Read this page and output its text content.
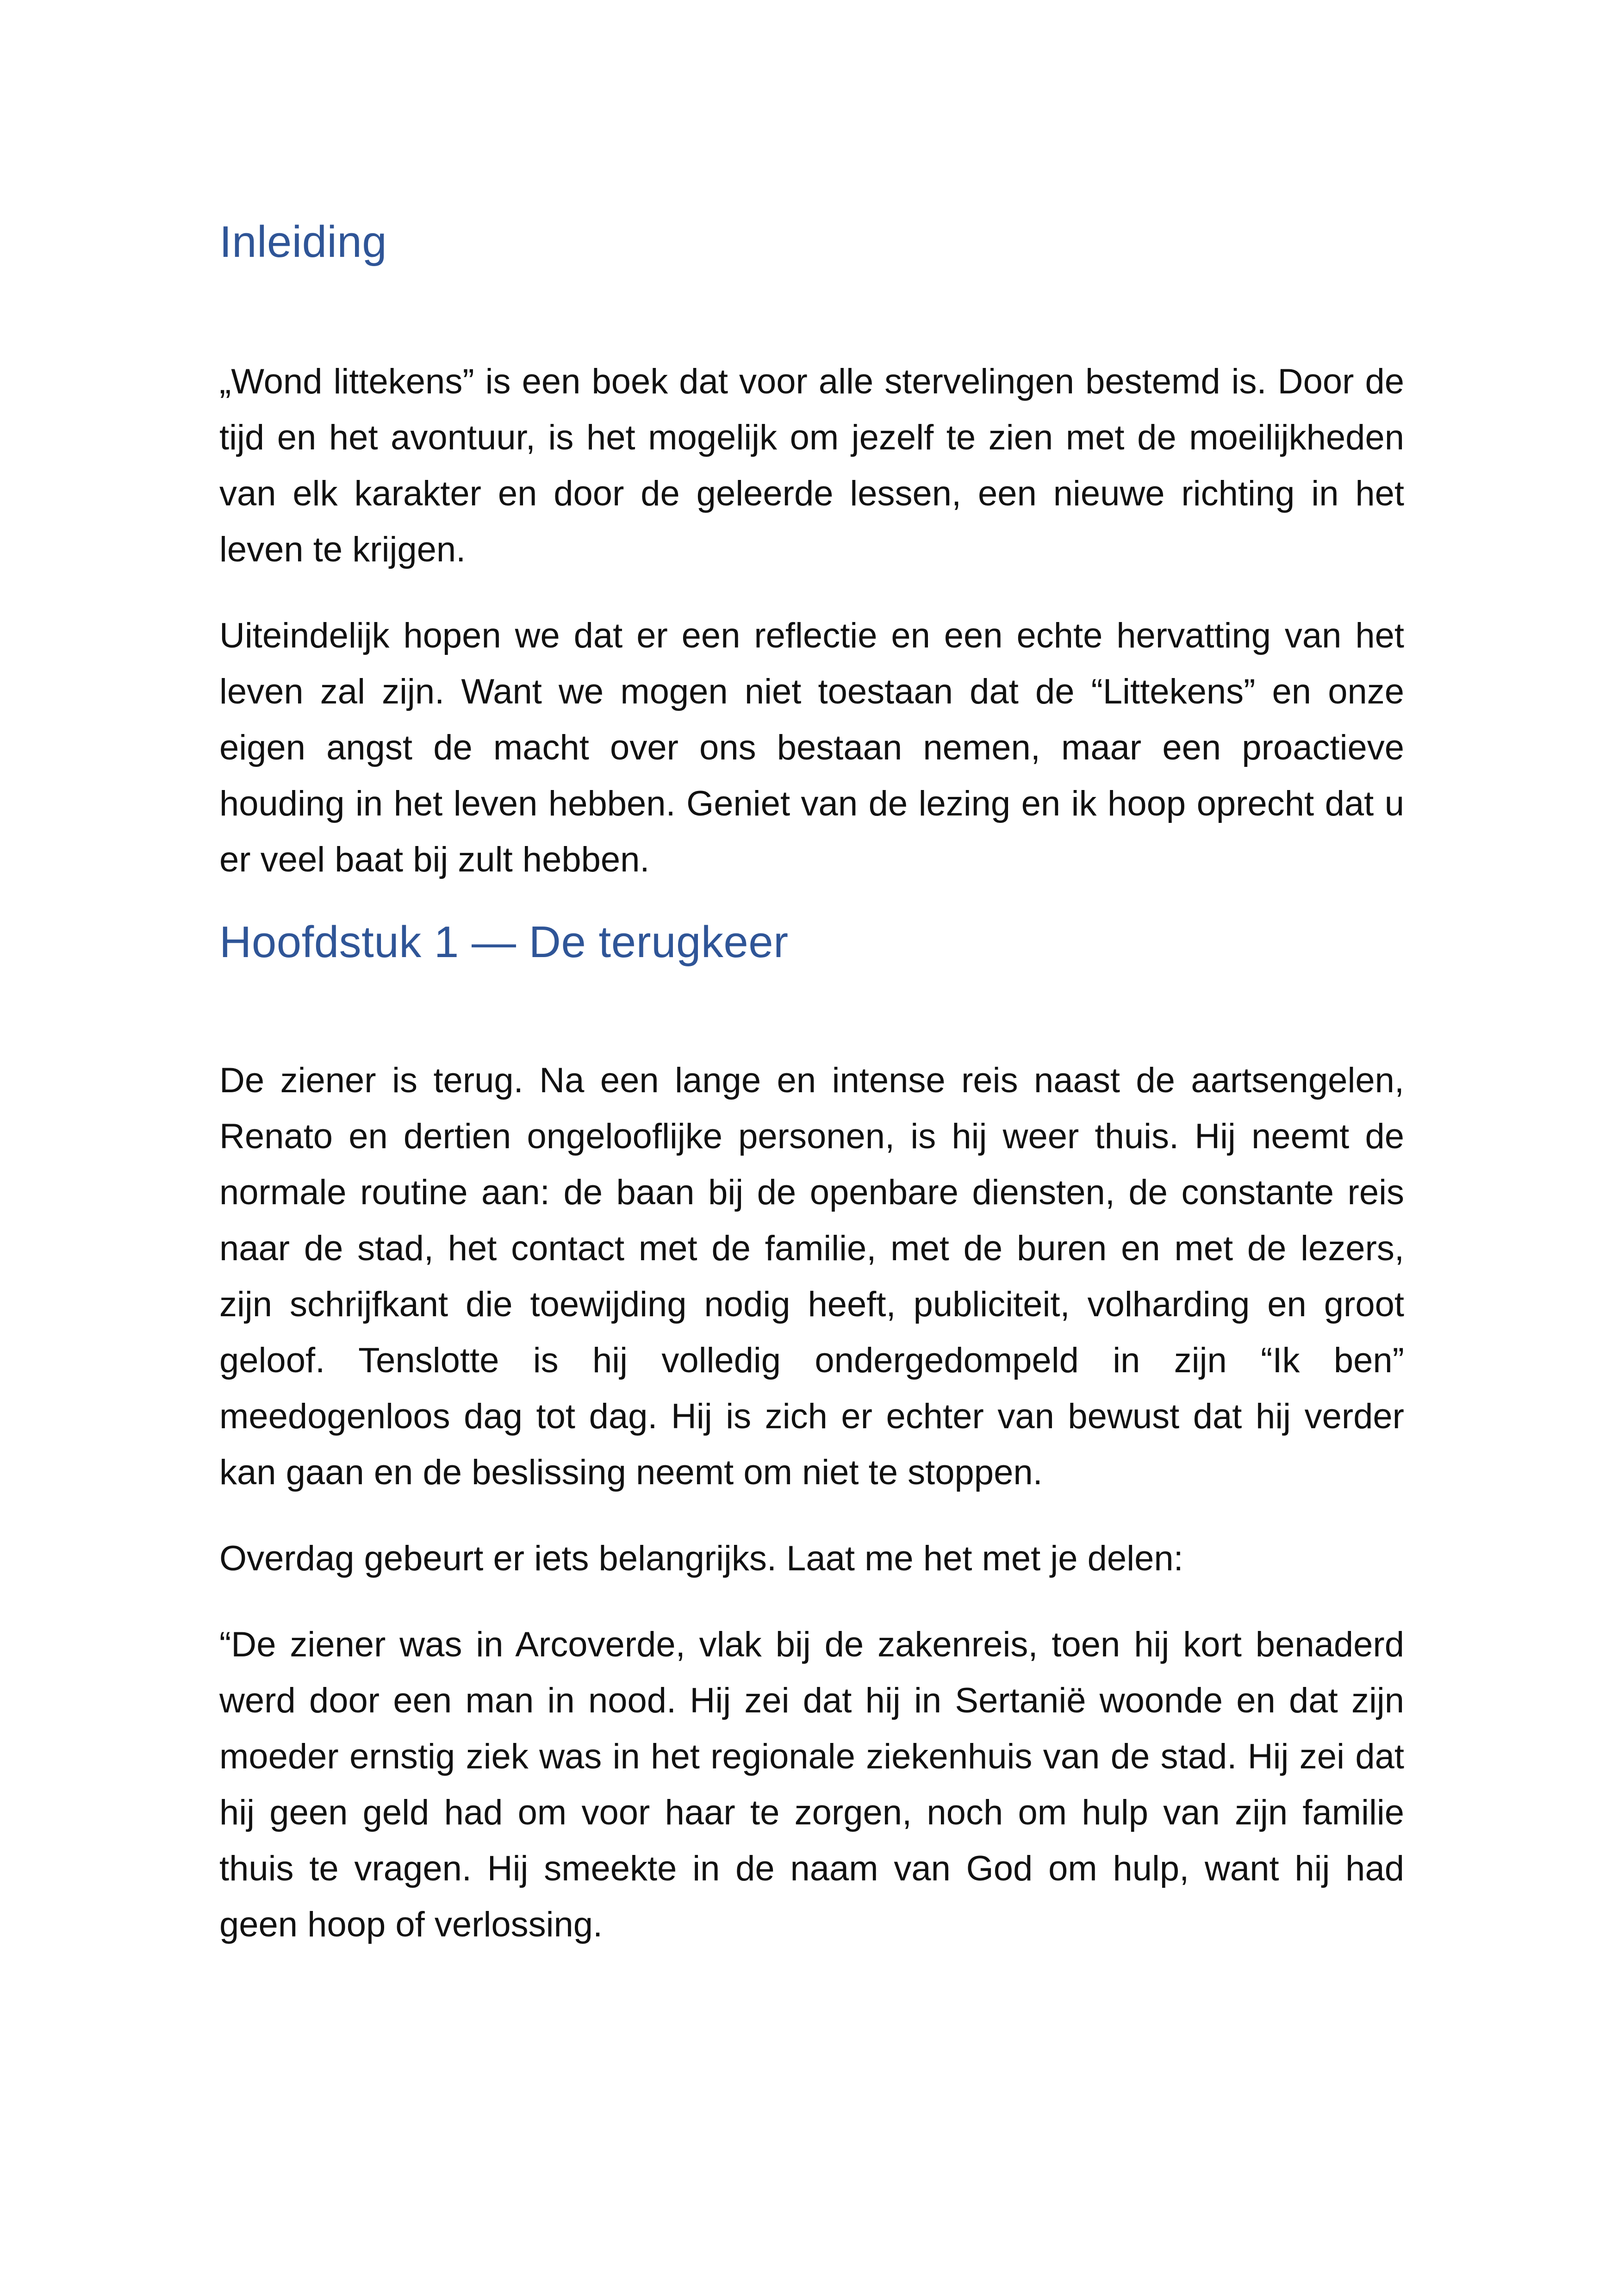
Inleiding

„Wond littekens” is een boek dat voor alle stervelingen bestemd is. Door de tijd en het avontuur, is het mogelijk om jezelf te zien met de moeilijkheden van elk karakter en door de geleerde lessen, een nieuwe richting in het leven te krijgen.

Uiteindelijk hopen we dat er een reflectie en een echte hervatting van het leven zal zijn. Want we mogen niet toestaan dat de “Littekens” en onze eigen angst de macht over ons bestaan nemen, maar een proactieve houding in het leven hebben. Geniet van de lezing en ik hoop oprecht dat u er veel baat bij zult hebben.

Hoofdstuk 1 — De terugkeer

De ziener is terug. Na een lange en intense reis naast de aartsengelen, Renato en dertien ongelooflijke personen, is hij weer thuis. Hij neemt de normale routine aan: de baan bij de openbare diensten, de constante reis naar de stad, het contact met de familie, met de buren en met de lezers, zijn schrijfkant die toewijding nodig heeft, publiciteit, volharding en groot geloof. Tenslotte is hij volledig ondergedompeld in zijn “Ik ben” meedogenloos dag tot dag. Hij is zich er echter van bewust dat hij verder kan gaan en de beslissing neemt om niet te stoppen.

Overdag gebeurt er iets belangrijks. Laat me het met je delen:

“De ziener was in Arcoverde, vlak bij de zakenreis, toen hij kort benaderd werd door een man in nood. Hij zei dat hij in Sertanië woonde en dat zijn moeder ernstig ziek was in het regionale ziekenhuis van de stad. Hij zei dat hij geen geld had om voor haar te zorgen, noch om hulp van zijn familie thuis te vragen. Hij smeekte in de naam van God om hulp, want hij had geen hoop of verlossing.
